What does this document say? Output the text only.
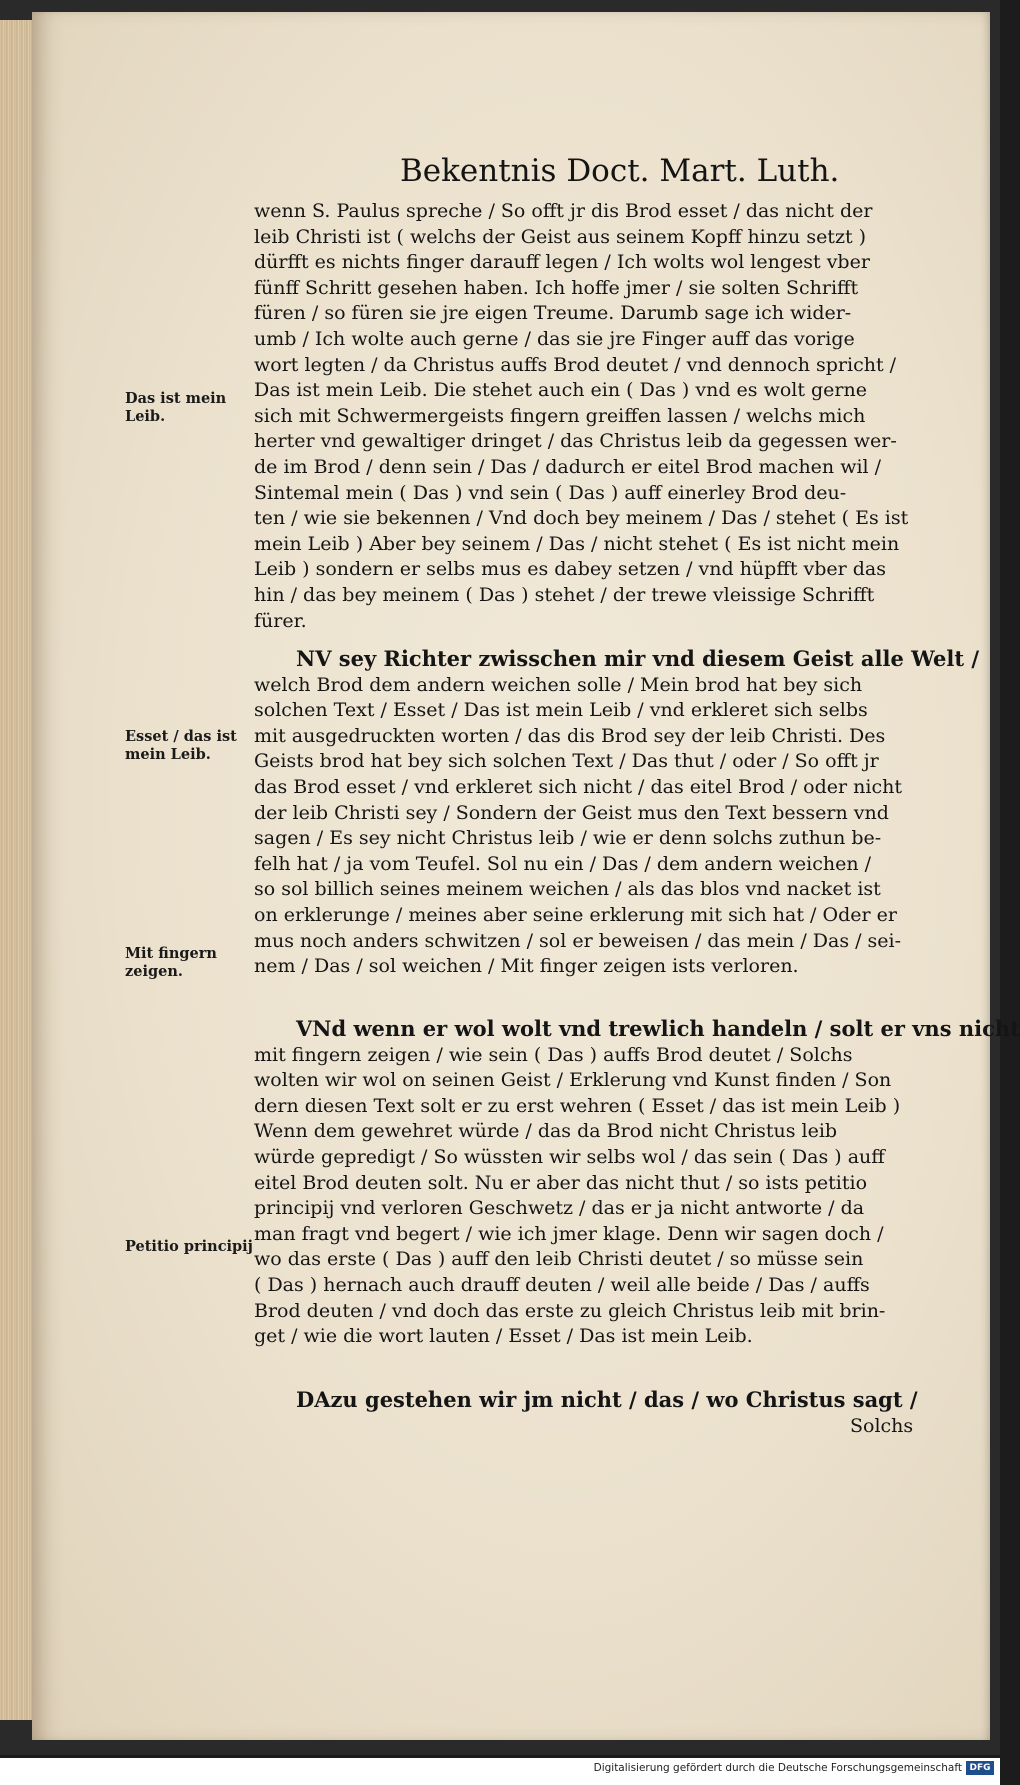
Bekentnis Doct. Mart. Luth.
Das ist mein
Leib.
Esset / das ist
mein Leib.
Mit fingern
zeigen.
Petitio principij
wenn S. Paulus spreche / So offt jr dis Brod esset / das nicht der
leib Christi ist ( welchs der Geist aus seinem Kopff hinzu setzt )
dürfft es nichts finger darauff legen / Ich wolts wol lengest vber
fünff Schritt gesehen haben. Ich hoffe jmer / sie solten Schrifft
füren / so füren sie jre eigen Treume. Darumb sage ich wider-
umb / Ich wolte auch gerne / das sie jre Finger auff das vorige
wort legten / da Christus auffs Brod deutet / vnd dennoch spricht /
Das ist mein Leib. Die stehet auch ein ( Das ) vnd es wolt gerne
sich mit Schwermergeists fingern greiffen lassen / welchs mich
herter vnd gewaltiger dringet / das Christus leib da gegessen wer-
de im Brod / denn sein / Das / dadurch er eitel Brod machen wil /
Sintemal mein ( Das ) vnd sein ( Das ) auff einerley Brod deu-
ten / wie sie bekennen / Vnd doch bey meinem / Das / stehet ( Es ist
mein Leib ) Aber bey seinem / Das / nicht stehet ( Es ist nicht mein
Leib ) sondern er selbs mus es dabey setzen / vnd hüpfft vber das
hin / das bey meinem ( Das ) stehet / der trewe vleissige Schrifft
fürer.
NV sey Richter zwisschen mir vnd diesem Geist alle Welt /
welch Brod dem andern weichen solle / Mein brod hat bey sich
solchen Text / Esset / Das ist mein Leib / vnd erkleret sich selbs
mit ausgedruckten worten / das dis Brod sey der leib Christi. Des
Geists brod hat bey sich solchen Text / Das thut / oder / So offt jr
das Brod esset / vnd erkleret sich nicht / das eitel Brod / oder nicht
der leib Christi sey / Sondern der Geist mus den Text bessern vnd
sagen / Es sey nicht Christus leib / wie er denn solchs zuthun be-
felh hat / ja vom Teufel. Sol nu ein / Das / dem andern weichen /
so sol billich seines meinem weichen / als das blos vnd nacket ist
on erklerunge / meines aber seine erklerung mit sich hat / Oder er
mus noch anders schwitzen / sol er beweisen / das mein / Das / sei-
nem / Das / sol weichen / Mit finger zeigen ists verloren.
VNd wenn er wol wolt vnd trewlich handeln / solt er vns nicht
mit fingern zeigen / wie sein ( Das ) auffs Brod deutet / Solchs
wolten wir wol on seinen Geist / Erklerung vnd Kunst finden / Son
dern diesen Text solt er zu erst wehren ( Esset / das ist mein Leib )
Wenn dem gewehret würde / das da Brod nicht Christus leib
würde gepredigt / So wüssten wir selbs wol / das sein ( Das ) auff
eitel Brod deuten solt. Nu er aber das nicht thut / so ists petitio
principij vnd verloren Geschwetz / das er ja nicht antworte / da
man fragt vnd begert / wie ich jmer klage. Denn wir sagen doch /
wo das erste ( Das ) auff den leib Christi deutet / so müsse sein
( Das ) hernach auch drauff deuten / weil alle beide / Das / auffs
Brod deuten / vnd doch das erste zu gleich Christus leib mit brin-
get / wie die wort lauten / Esset / Das ist mein Leib.
DAzu gestehen wir jm nicht / das / wo Christus sagt /
Solchs
Digitalisierung gefördert durch die Deutsche Forschungsgemeinschaft DFG
